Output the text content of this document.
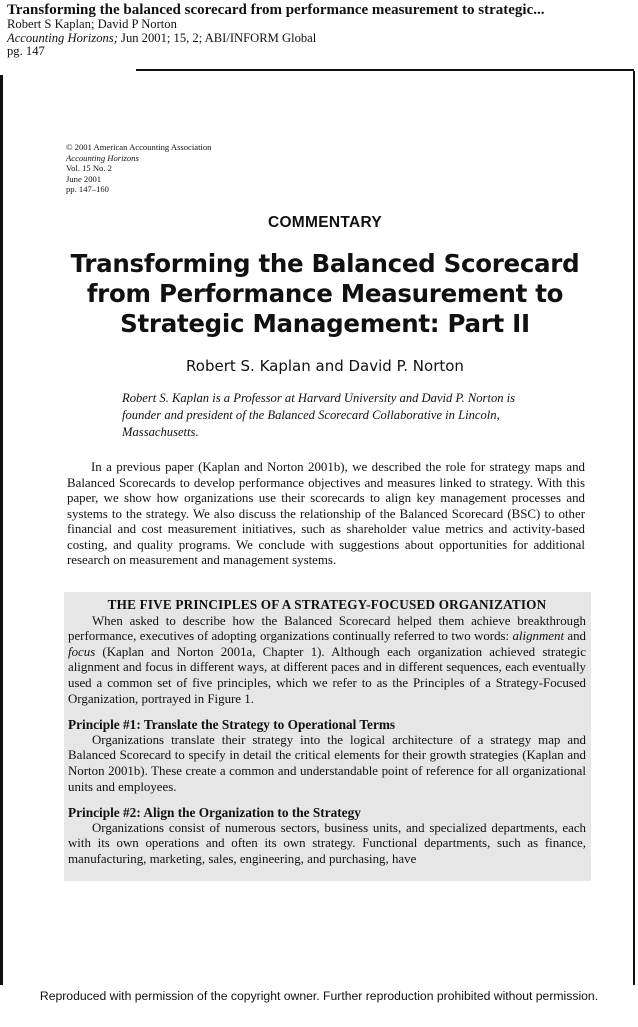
Transforming the balanced scorecard from performance measurement to strategic...
Robert S Kaplan; David P Norton
Accounting Horizons; Jun 2001; 15, 2; ABI/INFORM Global
pg. 147
© 2001 American Accounting Association
Accounting Horizons
Vol. 15 No. 2
June 2001
pp. 147–160
COMMENTARY
Transforming the Balanced Scorecard
from Performance Measurement to
Strategic Management: Part II
Robert S. Kaplan and David P. Norton
Robert S. Kaplan is a Professor at Harvard University and David P. Norton is founder and president of the Balanced Scorecard Collaborative in Lincoln, Massachusetts.

In a previous paper (Kaplan and Norton 2001b), we described the role for strategy maps and Balanced Scorecards to develop performance objectives and measures linked to strategy. With this paper, we show how organizations use their scorecards to align key management processes and systems to the strategy. We also discuss the relationship of the Balanced Scorecard (BSC) to other financial and cost measurement initiatives, such as shareholder value metrics and activity-based costing, and quality programs. We conclude with suggestions about opportunities for additional research on measurement and management systems.

THE FIVE PRINCIPLES OF A STRATEGY-FOCUSED ORGANIZATION

When asked to describe how the Balanced Scorecard helped them achieve breakthrough performance, executives of adopting organizations continually referred to two words: alignment and focus (Kaplan and Norton 2001a, Chapter 1). Although each organization achieved strategic alignment and focus in different ways, at different paces and in different sequences, each eventually used a common set of five principles, which we refer to as the Principles of a Strategy-Focused Organization, portrayed in Figure 1.

Principle #1: Translate the Strategy to Operational Terms

Organizations translate their strategy into the logical architecture of a strategy map and Balanced Scorecard to specify in detail the critical elements for their growth strategies (Kaplan and Norton 2001b). These create a common and understandable point of reference for all organizational units and employees.

Principle #2: Align the Organization to the Strategy

Organizations consist of numerous sectors, business units, and specialized departments, each with its own operations and often its own strategy. Functional departments, such as finance, manufacturing, marketing, sales, engineering, and purchasing, have

Reproduced with permission of the copyright owner. Further reproduction prohibited without permission.
